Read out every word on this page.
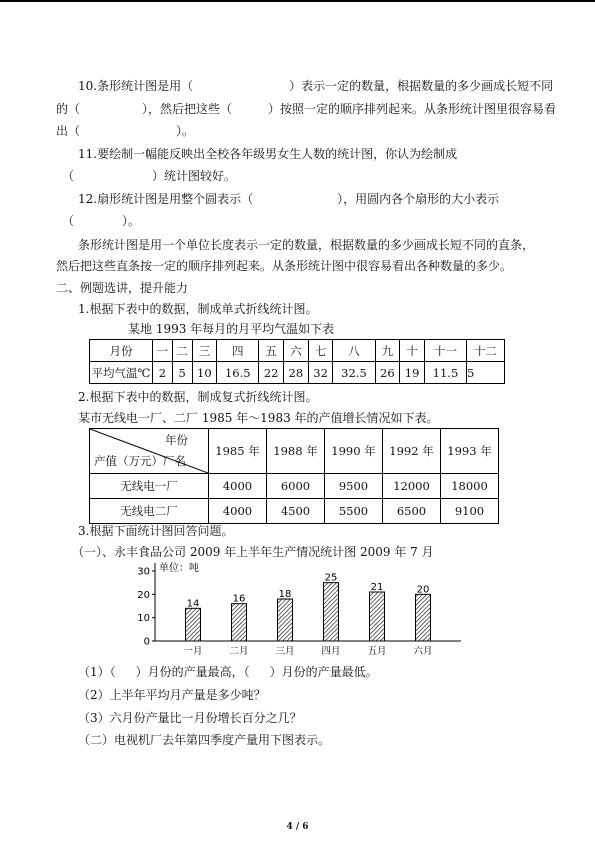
10.条形统计图是用（	）表示一定的数量，根据数量的多少画成长短不同
的（	），然后把这些（	）按照一定的顺序排列起来。从条形统计图里很容易看
出（	）。
11.要绘制一幅能反映出全校各年级男女生人数的统计图，你认为绘制成
（	）统计图较好。
12.扇形统计图是用整个圆表示（	），用圆内各个扇形的大小表示
（	）。
条形统计图是用一个单位长度表示一定的数量，根据数量的多少画成长短不同的直条，
然后把这些直条按一定的顺序排列起来。从条形统计图中很容易看出各种数量的多少。
二、例题选讲，提升能力
1.根据下表中的数据，制成单式折线统计图。
某地 1993 年每月的月平均气温如下表
月份	一	二	三	四	五	六	七	八	九	十	十一	十二
平均气温℃	2	5	10	16.5	22	28	32	32.5	26	19	11.5	5
2.根据下表中的数据，制成复式折线统计图。
某市无线电一厂、二厂 1985 年～1983 年的产值增长情况如下表。
年份
产值（万元）厂名	1985 年	1988 年	1990 年	1992 年	1993 年
无线电一厂	4000	6000	9500	12000	18000
无线电二厂	4000	4500	5500	6500	9100
3.根据下面统计图回答问题。
（一）、永丰食品公司 2009 年上半年生产情况统计图 2009 年 7 月
单位：吨
0
10
20
30
14
一月
16
二月
18
三月
25
四月
21
五月
20
六月
（1）（ ）月份的产量最高，（ ）月份的产量最低。
（2）上半年平均月产量是多少吨？
（3）六月份产量比一月份增长百分之几？
（二）电视机厂去年第四季度产量用下图表示。
4 / 6
